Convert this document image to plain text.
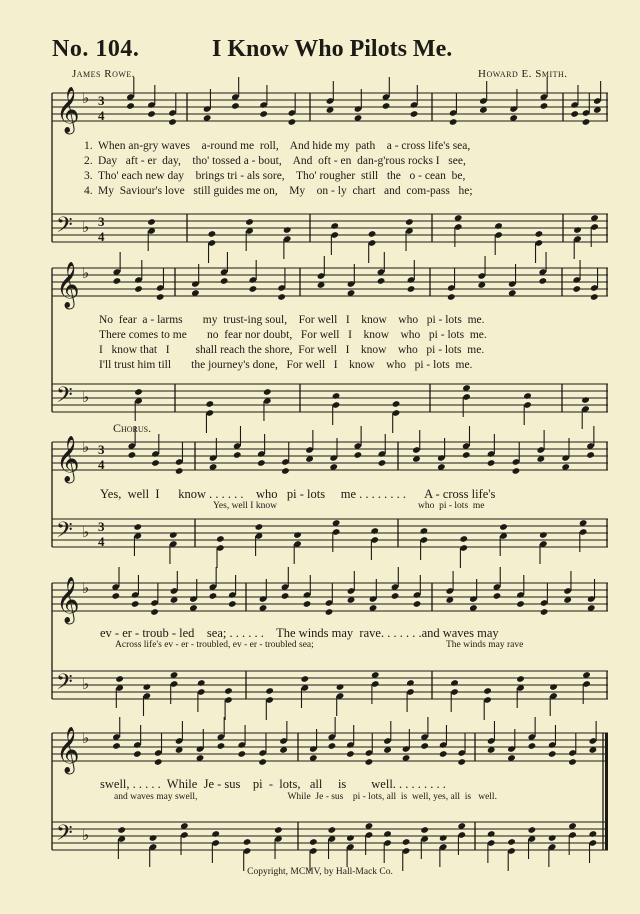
No. 104.	I Know Who Pilots Me.
James Rowe.	Howard E. Smith.
𝄞 ♭
𝄢 ♭
3
4
3
4
𝄞 ♭
𝄢 ♭
𝄞 ♭
𝄢 ♭
3
4
3
4
𝄞 ♭
𝄢 ♭
𝄞 ♭
𝄢 ♭
1. When an-gry waves a-round me  roll, And hide my  path a - cross life's sea,
2. Day   aft - er  day, tho' tossed a - bout, And  oft - en  dan-g'rous rocks I see,
3. Tho' each new day brings tri - als sore, Tho' rougher  still   the   o - cean be,
4. My  Saviour's love still guides me on, My    on - ly  chart   and  com-pass he;
No  fear  a - larms my  trust-ing soul, For well   I    know    who   pi - lots  me.
There comes to me no  fear nor doubt, For well   I    know    who   pi - lots  me.
I   know that   I shall reach the shore, For well   I    know    who   pi - lots  me.
I'll trust him till the journey's done, For well   I    know    who   pi - lots  me.
Chorus.
Yes,  well  I      know . . . . . .    who   pi - lots     me . . . . . . . .      A - cross life's
Yes, well I know	who  pi - lots  me
ev - er - troub - led    sea; . . . . . .    The winds may  rave. . . . . . .and waves may
Across life's ev - er - troubled, ev - er - troubled sea;	The winds may rave
swell, . . . . .  While  Je - sus    pi  -  lots,   all     is        well. . . . . . . . .
and waves may swell,                                      While  Je - sus    pi - lots, all  is  well, yes, all  is   well.
Copyright, MCMV, by Hall-Mack Co.
